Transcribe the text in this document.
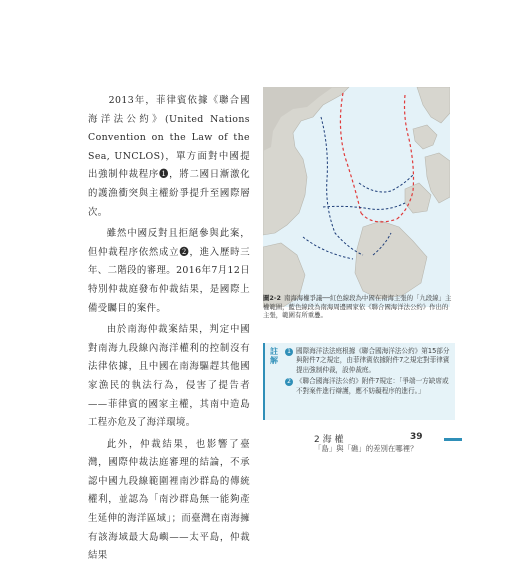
2013年，菲律賓依據《聯合國海洋法公約》(United Nations Convention on the Law of the Sea, UNCLOS)，單方面對中國提出強制仲裁程序❶，將二國日漸激化的護漁衝突與主權紛爭提升至國際層次。

雖然中國反對且拒絕參與此案，但仲裁程序依然成立❷，進入歷時三年、二階段的審理。2016年7月12日特別仲裁庭發布仲裁結果，是國際上備受矚目的案件。

由於南海仲裁案結果，判定中國對南海九段線內海洋權利的控制沒有法律依據，且中國在南海驅趕其他國家漁民的執法行為，侵害了提告者——菲律賓的國家主權，其南中造島工程亦危及了海洋環境。

此外，仲裁結果，也影響了臺灣，國際仲裁法庭審理的結論，不承認中國九段線範圍裡南沙群島的傳統權利，並認為「南沙群島無一能夠產生延伸的海洋區域」；而臺灣在南海擁有該海域最大島嶼——太平島，仲裁結果

圖2-2 南海海權爭議──紅色線段為中國在南海主張的「九段線」主權範圍，藍色線段為南海周邊國家依《聯合國海洋法公約》作出的主張，範圍有所重疊。
註解
1 國際海洋法法庭根據《聯合國海洋法公約》第15部分與附件7之規定，由菲律賓依據附件7之規定對菲律賓提出強制仲裁，設仲裁庭。
2 《聯合國海洋法公約》附件7規定：「爭端一方缺席或不對案件進行辯護，應不妨礙程序的進行。」
2 海 權
「島」與「礁」的差別在哪裡？
39
